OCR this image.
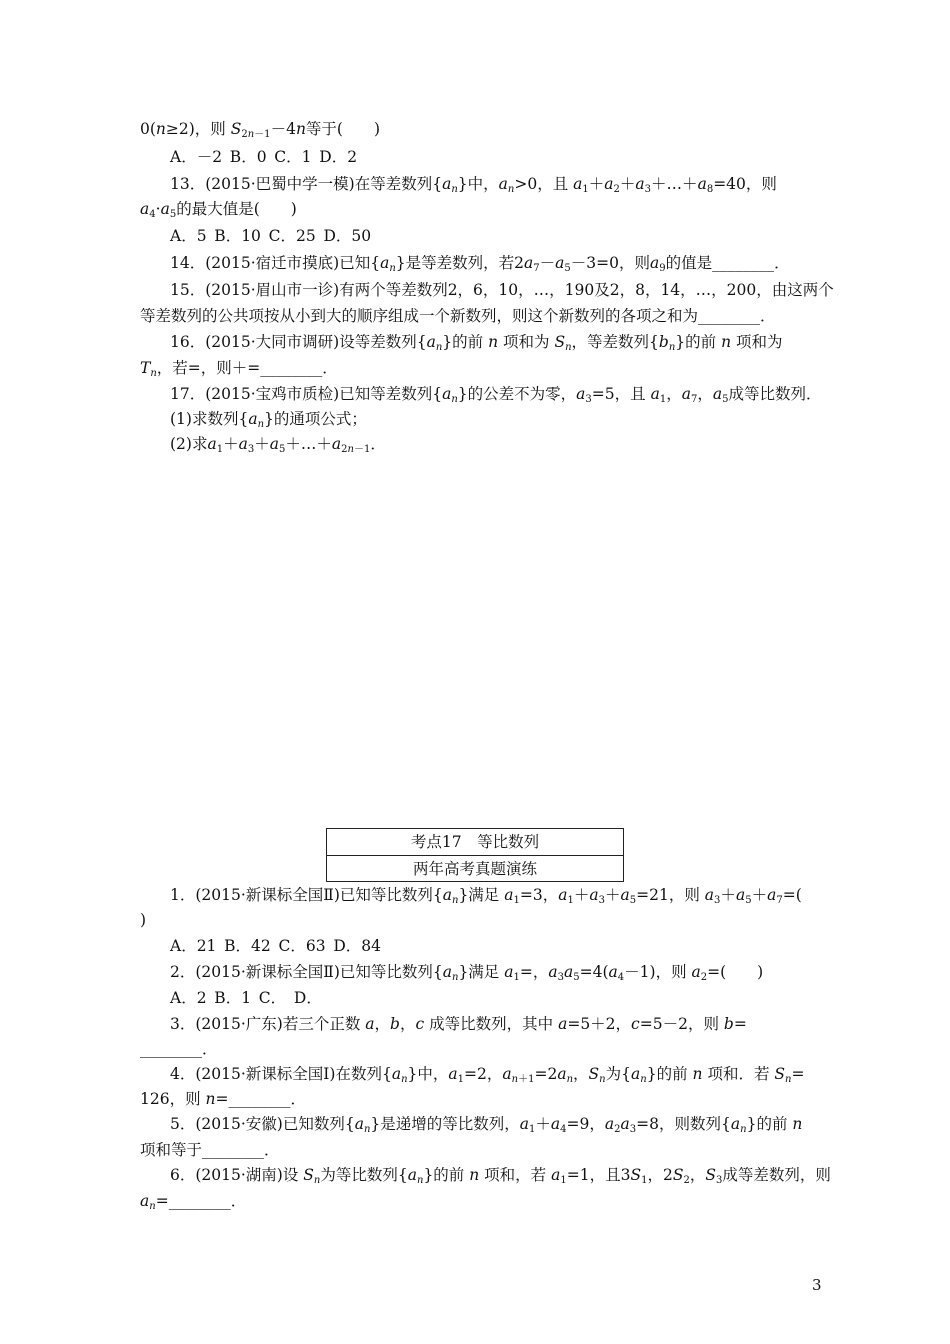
0(n≥2)，则 $S_{2n-1}-4n$等于(　　)
A．－2 B．0 C．1 D．2
13．(2015·巴蜀中学一模)在等差数列$\{a_n\}$中，$a_n>0$，且 $a_1+a_2+a_3+\dots+a_8=40$，则
$a_4\cdot a_5$的最大值是(　　)
A．5 B．10 C．25 D．50
14．(2015·宿迁市摸底)已知$\{a_n\}$是等差数列，若$2a_7-a_5-3=0$，则$a_9$的值是________．
15．(2015·眉山市一诊)有两个等差数列2，6，10，…，190及2，8，14，…，200，由这两个
等差数列的公共项按从小到大的顺序组成一个新数列，则这个新数列的各项之和为________．
16．(2015·大同市调研)设等差数列$\{a_n\}$的前 n 项和为 $S_n$，等差数列$\{b_n\}$的前 n 项和为
$T_n$，若=，则＋=________．
17．(2015·宝鸡市质检)已知等差数列$\{a_n\}$的公差不为零，$a_3=5$，且 $a_1$，$a_7$，$a_5$成等比数列．
(1)求数列$\{a_n\}$的通项公式；
(2)求$a_1+a_3+a_5+\dots+a_{2n-1}$．
考点17　等比数列
两年高考真题演练
1．(2015·新课标全国Ⅱ)已知等比数列$\{a_n\}$满足 $a_1=3$，$a_1+a_3+a_5=21$，则 $a_3+a_5+a_7=$(
)
A．21 B．42 C．63 D．84
2．(2015·新课标全国Ⅱ)已知等比数列$\{a_n\}$满足 $a_1=$，$a_3a_5=4(a_4-1)$，则 $a_2=$(　　)
A．2 B．1 C． D．
3．(2015·广东)若三个正数 a，b，c 成等比数列，其中 a=5＋2，c=5－2，则 b=
________．
4．(2015·新课标全国Ⅰ)在数列$\{a_n\}$中，$a_1=2$，$a_{n+1}=2a_n$，$S_n$为$\{a_n\}$的前 n 项和．若 $S_n=$
126，则 n=________．
5．(2015·安徽)已知数列$\{a_n\}$是递增的等比数列，$a_1+a_4=9$，$a_2a_3=8$，则数列$\{a_n\}$的前 n
项和等于________．
6．(2015·湖南)设 $S_n$为等比数列$\{a_n\}$的前 n 项和，若 $a_1=1$，且$3S_1$，$2S_2$，$S_3$成等差数列，则
$a_n=\_\_\_\_\_\_\_\_$．
3
